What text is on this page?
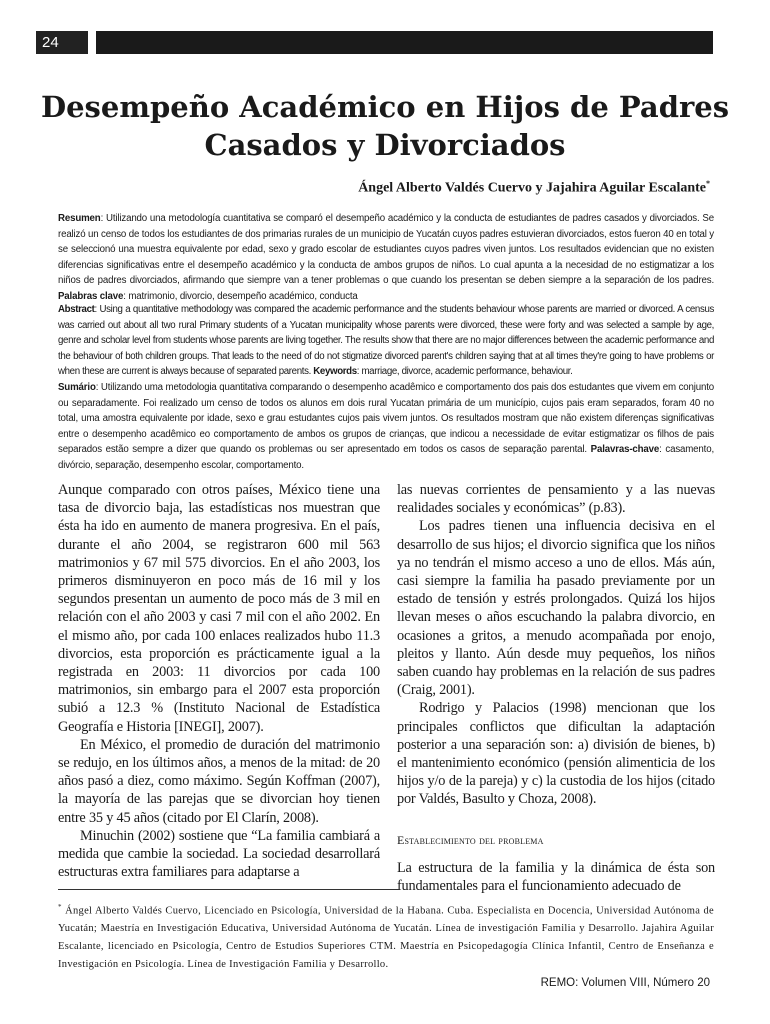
24
Desempeño Académico en Hijos de Padres Casados y Divorciados
Ángel Alberto Valdés Cuervo y Jajahira Aguilar Escalante*

Resumen: Utilizando una metodología cuantitativa se comparó el desempeño académico y la conducta de estudiantes de padres casados y divorciados. Se realizó un censo de todos los estudiantes de dos primarias rurales de un municipio de Yucatán cuyos padres estuvieran divorciados, estos fueron 40 en total y se seleccionó una muestra equivalente por edad, sexo y grado escolar de estudiantes cuyos padres viven juntos. Los resultados evidencian que no existen diferencias significativas entre el desempeño académico y la conducta de ambos grupos de niños. Lo cual apunta a la necesidad de no estigmatizar a los niños de padres divorciados, afirmando que siempre van a tener problemas o que cuando los presentan se deben siempre a la separación de los padres. Palabras clave: matrimonio, divorcio, desempeño académico, conducta

Abstract: Using a quantitative methodology was compared the academic performance and the students behaviour whose parents are married or divorced. A census was carried out about all two rural Primary students of a Yucatan municipality whose parents were divorced, these were forty and was selected a sample by age, genre and scholar level from students whose parents are living together. The results show that there are no major differences between the academic performance and the behaviour of both children groups. That leads to the need of do not stigmatize divorced parent's children saying that at all times they're going to have problems or when these are current is always because of separated parents. Keywords: marriage, divorce, academic performance, behaviour.

Sumário: Utilizando uma metodologia quantitativa comparando o desempenho acadêmico e comportamento dos pais dos estudantes que vivem em conjunto ou separadamente. Foi realizado um censo de todos os alunos em dois rural Yucatan primária de um município, cujos pais eram separados, foram 40 no total, uma amostra equivalente por idade, sexo e grau estudantes cujos pais vivem juntos. Os resultados mostram que não existem diferenças significativas entre o desempenho acadêmico eo comportamento de ambos os grupos de crianças, que indicou a necessidade de evitar estigmatizar os filhos de pais separados estão sempre a dizer que quando os problemas ou ser apresentado em todos os casos de separação parental. Palavras-chave: casamento, divórcio, separação, desempenho escolar, comportamento.

Aunque comparado con otros países, México tiene una tasa de divorcio baja, las estadísticas nos muestran que ésta ha ido en aumento de manera progresiva. En el país, durante el año 2004, se registraron 600 mil 563 matrimonios y 67 mil 575 divorcios. En el año 2003, los primeros disminuyeron en poco más de 16 mil y los segundos presentan un aumento de poco más de 3 mil en relación con el año 2003 y casi 7 mil con el año 2002. En el mismo año, por cada 100 enlaces realizados hubo 11.3 divorcios, esta proporción es prácticamente igual a la registrada en 2003: 11 divorcios por cada 100 matrimonios, sin embargo para el 2007 esta proporción subió a 12.3 % (Instituto Nacional de Estadística Geografía e Historia [INEGI], 2007).

En México, el promedio de duración del matrimonio se redujo, en los últimos años, a menos de la mitad: de 20 años pasó a diez, como máximo. Según Koffman (2007), la mayoría de las parejas que se divorcian hoy tienen entre 35 y 45 años (citado por El Clarín, 2008).

Minuchin (2002) sostiene que “La familia cambiará a medida que cambie la sociedad. La sociedad desarrollará estructuras extra familiares para adaptarse a

las nuevas corrientes de pensamiento y a las nuevas realidades sociales y económicas” (p.83).

Los padres tienen una influencia decisiva en el desarrollo de sus hijos; el divorcio significa que los niños ya no tendrán el mismo acceso a uno de ellos. Más aún, casi siempre la familia ha pasado previamente por un estado de tensión y estrés prolongados. Quizá los hijos llevan meses o años escuchando la palabra divorcio, en ocasiones a gritos, a menudo acompañada por enojo, pleitos y llanto. Aún desde muy pequeños, los niños saben cuando hay problemas en la relación de sus padres (Craig, 2001).

Rodrigo y Palacios (1998) mencionan que los principales conflictos que dificultan la adaptación posterior a una separación son: a) división de bienes, b) el mantenimiento económico (pensión alimenticia de los hijos y/o de la pareja) y c) la custodia de los hijos (citado por Valdés, Basulto y Choza, 2008).

Establecimiento del problema

La estructura de la familia y la dinámica de ésta son fundamentales para el funcionamiento adecuado de

* Ángel Alberto Valdés Cuervo, Licenciado en Psicología, Universidad de la Habana. Cuba. Especialista en Docencia, Universidad Autónoma de Yucatán; Maestría en Investigación Educativa, Universidad Autónoma de Yucatán. Línea de investigación Familia y Desarrollo. Jajahira Aguilar Escalante, licenciado en Psicología, Centro de Estudios Superiores CTM. Maestría en Psicopedagogía Clínica Infantil, Centro de Enseñanza e Investigación en Psicología. Línea de Investigación Familia y Desarrollo.

REMO: Volumen VIII, Número 20
